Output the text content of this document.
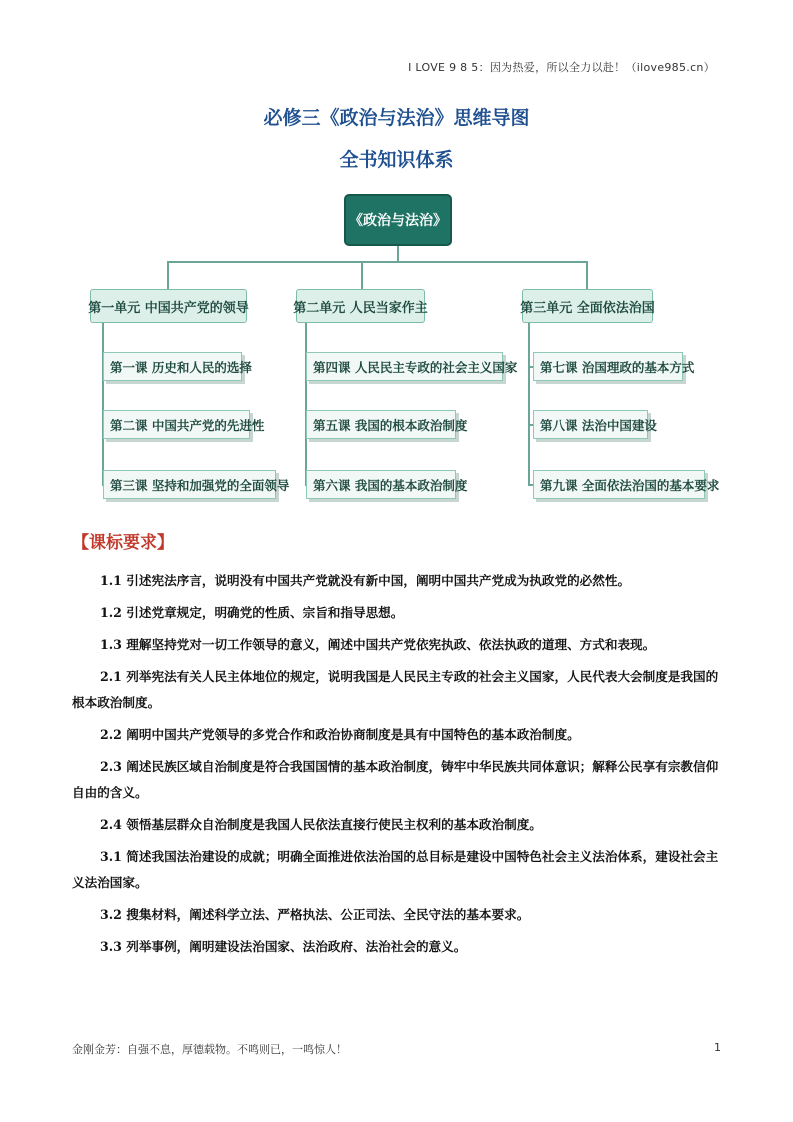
I LOVE 9 8 5：因为热爱，所以全力以赴！（ilove985.cn）
必修三《政治与法治》思维导图
全书知识体系
《政治与法治》
第一单元 中国共产党的领导	第二单元 人民当家作主	第三单元 全面依法治国
第一课 历史和人民的选择
第二课 中国共产党的先进性
第三课 坚持和加强党的全面领导
第四课 人民民主专政的社会主义国家
第五课 我国的根本政治制度
第六课 我国的基本政治制度
第七课 治国理政的基本方式
第八课 法治中国建设
第九课 全面依法治国的基本要求
【课标要求】

1.1 引述宪法序言，说明没有中国共产党就没有新中国，阐明中国共产党成为执政党的必然性。

1.2 引述党章规定，明确党的性质、宗旨和指导思想。

1.3 理解坚持党对一切工作领导的意义，阐述中国共产党依宪执政、依法执政的道理、方式和表现。

2.1 列举宪法有关人民主体地位的规定，说明我国是人民民主专政的社会主义国家，人民代表大会制度是我国的根本政治制度。

2.2 阐明中国共产党领导的多党合作和政治协商制度是具有中国特色的基本政治制度。

2.3 阐述民族区域自治制度是符合我国国情的基本政治制度，铸牢中华民族共同体意识；解释公民享有宗教信仰自由的含义。

2.4 领悟基层群众自治制度是我国人民依法直接行使民主权利的基本政治制度。

3.1 简述我国法治建设的成就；明确全面推进依法治国的总目标是建设中国特色社会主义法治体系，建设社会主义法治国家。

3.2 搜集材料，阐述科学立法、严格执法、公正司法、全民守法的基本要求。

3.3 列举事例，阐明建设法治国家、法治政府、法治社会的意义。

金刚金芳：自强不息，厚德载物。不鸣则已，一鸣惊人！	1
